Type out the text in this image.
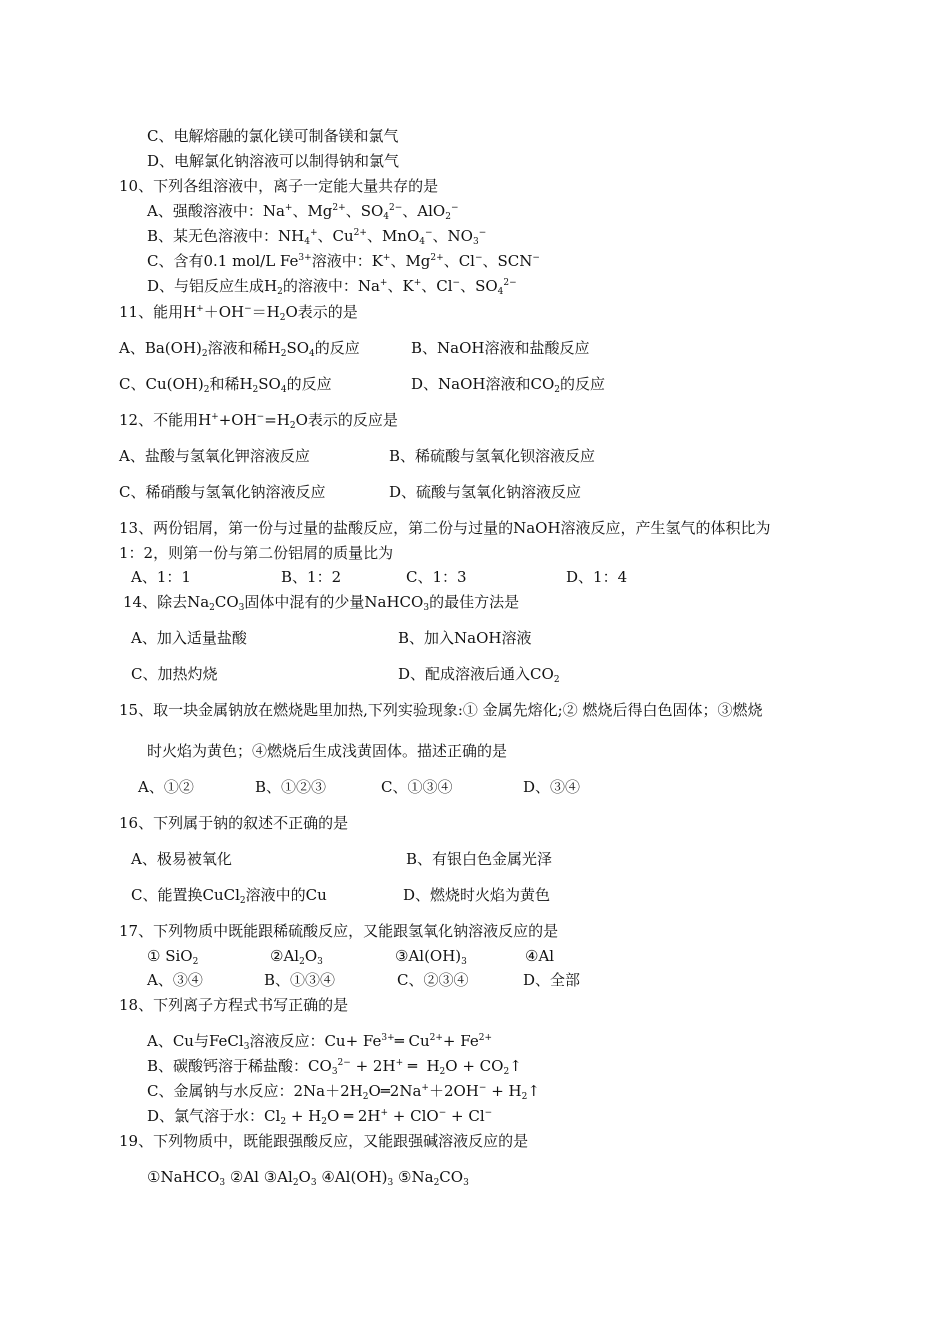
C、电解熔融的氯化镁可制备镁和氯气
D、电解氯化钠溶液可以制得钠和氯气
10、下列各组溶液中，离子一定能大量共存的是
A、强酸溶液中：Na+、$Mg^{2+}$、$SO_4^{2-}$、AlO$_2$−
B、某无色溶液中：$NH_4^+$、$Cu^{2+}$、MnO$_4$−、$NO_3^-$
C、含有0.1 mol/L $Fe^{3+}$溶液中：K+、$Mg^{2+}$、Cl−、SCN−
D、与铝反应生成$H_2$的溶液中：Na+、K+、Cl−、$SO_4^{2-}$
11、能用$H^++OH^-=H_2O$表示的是
A、$Ba(OH)_2$溶液和稀$H_2SO_4$的反应	B、NaOH溶液和盐酸反应
C、$Cu(OH)_2$和稀$H_2SO_4$的反应	D、NaOH溶液和$CO_2$的反应
12、不能用$H^++OH^-=H_2O$表示的反应是
A、盐酸与氢氧化钾溶液反应	B、稀硫酸与氢氧化钡溶液反应
C、稀硝酸与氢氧化钠溶液反应	D、硫酸与氢氧化钠溶液反应
13、两份铝屑，第一份与过量的盐酸反应，第二份与过量的NaOH溶液反应，产生氢气的体积比为
1：2，则第一份与第二份铝屑的质量比为
A、1：1	B、1：2	C、1：3	D、1：4
14、除去$Na_2CO_3$固体中混有的少量NaHCO$_3$的最佳方法是
A、加入适量盐酸	B、加入NaOH溶液
C、加热灼烧	D、配成溶液后通入$CO_2$
15、取一块金属钠放在燃烧匙里加热,下列实验现象:① 金属先熔化;② 燃烧后得白色固体；③燃烧
时火焰为黄色；④燃烧后生成浅黄固体。描述正确的是
A、①②	B、①②③	C、①③④	D、③④
16、下列属于钠的叙述不正确的是
A、极易被氧化	B、有银白色金属光泽
C、能置换CuCl$_2$溶液中的Cu	D、燃烧时火焰为黄色
17、下列物质中既能跟稀硫酸反应，又能跟氢氧化钠溶液反应的是
① SiO$_2$	$②Al_2O_3$	$③Al(OH)_3$	④Al
A、③④	B、①③④	C、②③④	D、全部
18、下列离子方程式书写正确的是
A、Cu与FeCl$_3$溶液反应：$Cu+ Fe^{3+}═$ $Cu^{2+}+ Fe^{2+}$
B、碳酸钙溶于稀盐酸：$CO_3^{2-} + 2H^+$ ═  $H_2O$ + $CO_2↑$
C、金属钠与水反应：$2Na+2H_2O═2Na^++2OH^-$ + $H_2↑$
D、氯气溶于水：$Cl_2 + H_2O$ ═ 2H+ + ClO− + Cl−
19、下列物质中，既能跟强酸反应，又能跟强碱溶液反应的是
①NaHCO$_3$ ②Al $③Al_2O_3$ $④Al(OH)_3$ $⑤Na_2CO_3$
